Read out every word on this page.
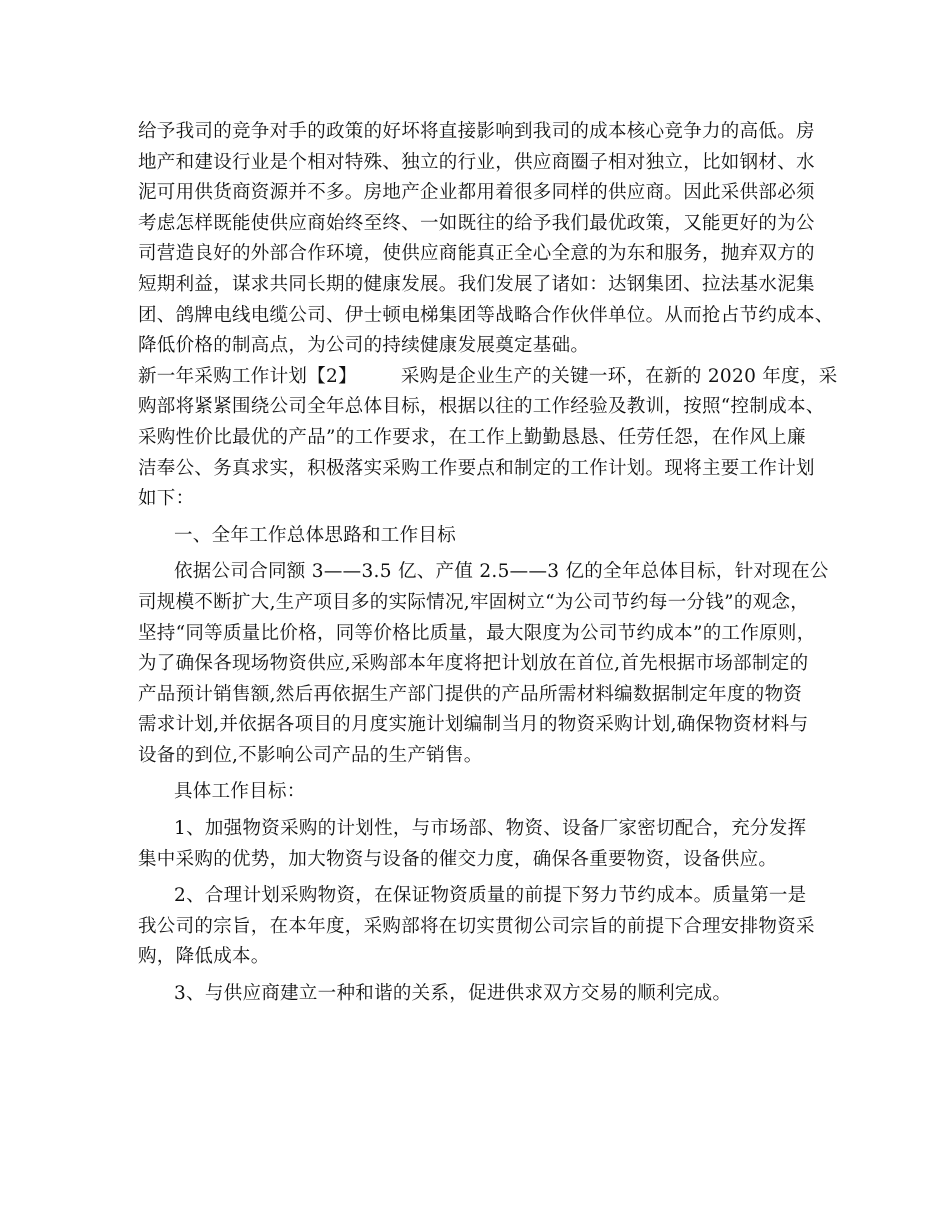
给予我司的竞争对手的政策的好坏将直接影响到我司的成本核心竞争力的高低。房
地产和建设行业是个相对特殊、独立的行业，供应商圈子相对独立，比如钢材、水
泥可用供货商资源并不多。房地产企业都用着很多同样的供应商。因此采供部必须
考虑怎样既能使供应商始终至终、一如既往的给予我们最优政策，又能更好的为公
司营造良好的外部合作环境，使供应商能真正全心全意的为东和服务，抛弃双方的
短期利益，谋求共同长期的健康发展。我们发展了诸如：达钢集团、拉法基水泥集
团、鸽牌电线电缆公司、伊士顿电梯集团等战略合作伙伴单位。从而抢占节约成本、
降低价格的制高点，为公司的持续健康发展奠定基础。
新一年采购工作计划【2】 采购是企业生产的关键一环，在新的 2020 年度，采
购部将紧紧围绕公司全年总体目标，根据以往的工作经验及教训，按照“控制成本、
采购性价比最优的产品”的工作要求，在工作上勤勤恳恳、任劳任怨，在作风上廉
洁奉公、务真求实，积极落实采购工作要点和制定的工作计划。现将主要工作计划
如下：
一、全年工作总体思路和工作目标
依据公司合同额 3——3.5 亿、产值 2.5——3 亿的全年总体目标，针对现在公
司规模不断扩大,生产项目多的实际情况,牢固树立“为公司节约每一分钱”的观念，
坚持“同等质量比价格，同等价格比质量，最大限度为公司节约成本”的工作原则，
为了确保各现场物资供应,采购部本年度将把计划放在首位,首先根据市场部制定的
产品预计销售额,然后再依据生产部门提供的产品所需材料编数据制定年度的物资
需求计划,并依据各项目的月度实施计划编制当月的物资采购计划,确保物资材料与
设备的到位,不影响公司产品的生产销售。
具体工作目标：
1、加强物资采购的计划性，与市场部、物资、设备厂家密切配合，充分发挥
集中采购的优势，加大物资与设备的催交力度，确保各重要物资，设备供应。
2、合理计划采购物资，在保证物资质量的前提下努力节约成本。质量第一是
我公司的宗旨，在本年度，采购部将在切实贯彻公司宗旨的前提下合理安排物资采
购，降低成本。
3、与供应商建立一种和谐的关系，促进供求双方交易的顺利完成。
